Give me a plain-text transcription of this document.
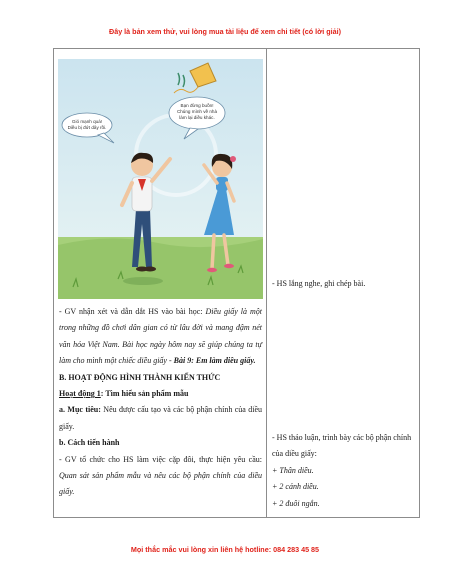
Đây là bản xem thử, vui lòng mua tài liệu để xem chi tiết (có lời giải)
Gió mạnh quá!
Diều bị đứt dây rồi.
Bạn đừng buồn!
Chúng mình về nhà
làm lại diều khác.

- GV nhận xét và dẫn dắt HS vào bài học: Diều giấy là một trong những đồ chơi dân gian có từ lâu đời và mang đậm nét văn hóa Việt Nam. Bài học ngày hôm nay sẽ giúp chúng ta tự làm cho mình một chiếc diều giấy - Bài 9: Em làm diều giấy.

B. HOẠT ĐỘNG HÌNH THÀNH KIẾN THỨC

Hoạt động 1: Tìm hiểu sản phẩm mẫu

a. Mục tiêu: Nêu được cấu tạo và các bộ phận chính của diều giấy.

b. Cách tiến hành

- GV tổ chức cho HS làm việc cặp đôi, thực hiện yêu cầu: Quan sát sản phẩm mẫu và nêu các bộ phận chính của diều giấy.

- HS lắng nghe, ghi chép bài.

- HS thảo luận, trình bày các bộ phận chính của diều giấy:

+ Thân diều.

+ 2 cánh diều.

+ 2 đuôi ngắn.

Mọi thắc mắc vui lòng xin liên hệ hotline: 084 283 45 85
